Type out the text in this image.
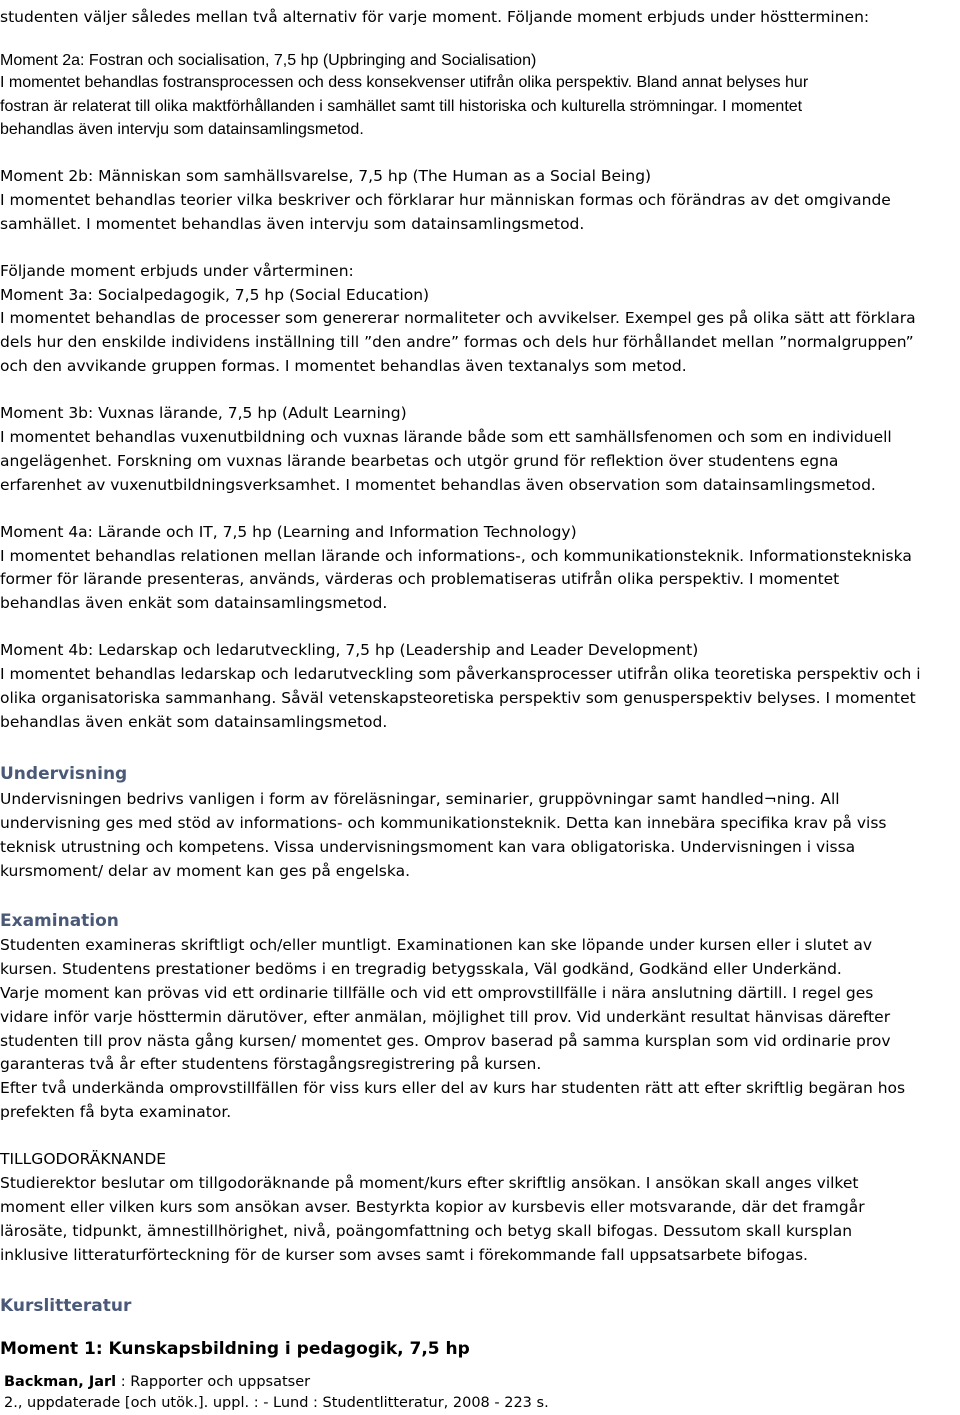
studenten väljer således mellan två alternativ för varje moment. Följande moment erbjuds under höstterminen:

Moment 2a: Fostran och socialisation, 7,5 hp (Upbringing and Socialisation)

I momentet behandlas fostransprocessen och dess konsekvenser utifrån olika perspektiv. Bland annat belyses hur

fostran är relaterat till olika maktförhållanden i samhället samt till historiska och kulturella strömningar. I momentet

behandlas även intervju som datainsamlingsmetod.

Moment 2b: Människan som samhällsvarelse, 7,5 hp (The Human as a Social Being)

I momentet behandlas teorier vilka beskriver och förklarar hur människan formas och förändras av det omgivande

samhället. I momentet behandlas även intervju som datainsamlingsmetod.

Följande moment erbjuds under vårterminen:

Moment 3a: Socialpedagogik, 7,5 hp (Social Education)

I momentet behandlas de processer som genererar normaliteter och avvikelser. Exempel ges på olika sätt att förklara

dels hur den enskilde individens inställning till ”den andre” formas och dels hur förhållandet mellan ”normalgruppen”

och den avvikande gruppen formas. I momentet behandlas även textanalys som metod.

Moment 3b: Vuxnas lärande, 7,5 hp (Adult Learning)

I momentet behandlas vuxenutbildning och vuxnas lärande både som ett samhällsfenomen och som en individuell

angelägenhet. Forskning om vuxnas lärande bearbetas och utgör grund för reflektion över studentens egna

erfarenhet av vuxenutbildningsverksamhet. I momentet behandlas även observation som datainsamlingsmetod.

Moment 4a: Lärande och IT, 7,5 hp (Learning and Information Technology)

I momentet behandlas relationen mellan lärande och informations-, och kommunikationsteknik. Informationstekniska

former för lärande presenteras, används, värderas och problematiseras utifrån olika perspektiv. I momentet

behandlas även enkät som datainsamlingsmetod.

Moment 4b: Ledarskap och ledarutveckling, 7,5 hp (Leadership and Leader Development)

I momentet behandlas ledarskap och ledarutveckling som påverkansprocesser utifrån olika teoretiska perspektiv och i

olika organisatoriska sammanhang. Såväl vetenskapsteoretiska perspektiv som genusperspektiv belyses. I momentet

behandlas även enkät som datainsamlingsmetod.

Undervisning

Undervisningen bedrivs vanligen i form av föreläsningar, seminarier, gruppövningar samt handled¬ning. All

undervisning ges med stöd av informations- och kommunikationsteknik. Detta kan innebära specifika krav på viss

teknisk utrustning och kompetens. Vissa undervisningsmoment kan vara obligatoriska. Undervisningen i vissa

kursmoment/ delar av moment kan ges på engelska.

Examination

Studenten examineras skriftligt och/eller muntligt. Examinationen kan ske löpande under kursen eller i slutet av

kursen. Studentens prestationer bedöms i en tregradig betygsskala, Väl godkänd, Godkänd eller Underkänd.

Varje moment kan prövas vid ett ordinarie tillfälle och vid ett omprovstillfälle i nära anslutning därtill. I regel ges

vidare inför varje hösttermin därutöver, efter anmälan, möjlighet till prov. Vid underkänt resultat hänvisas därefter

studenten till prov nästa gång kursen/ momentet ges. Omprov baserad på samma kursplan som vid ordinarie prov

garanteras två år efter studentens förstagångsregistrering på kursen.

Efter två underkända omprovstillfällen för viss kurs eller del av kurs har studenten rätt att efter skriftlig begäran hos

prefekten få byta examinator.

TILLGODORÄKNANDE

Studierektor beslutar om tillgodoräknande på moment/kurs efter skriftlig ansökan. I ansökan skall anges vilket

moment eller vilken kurs som ansökan avser. Bestyrkta kopior av kursbevis eller motsvarande, där det framgår

lärosäte, tidpunkt, ämnestillhörighet, nivå, poängomfattning och betyg skall bifogas. Dessutom skall kursplan

inklusive litteraturförteckning för de kurser som avses samt i förekommande fall uppsatsarbete bifogas.

Kurslitteratur

Moment 1: Kunskapsbildning i pedagogik, 7,5 hp

Backman, Jarl : Rapporter och uppsatser

2., uppdaterade [och utök.]. uppl. : - Lund : Studentlitteratur, 2008 - 223 s.
